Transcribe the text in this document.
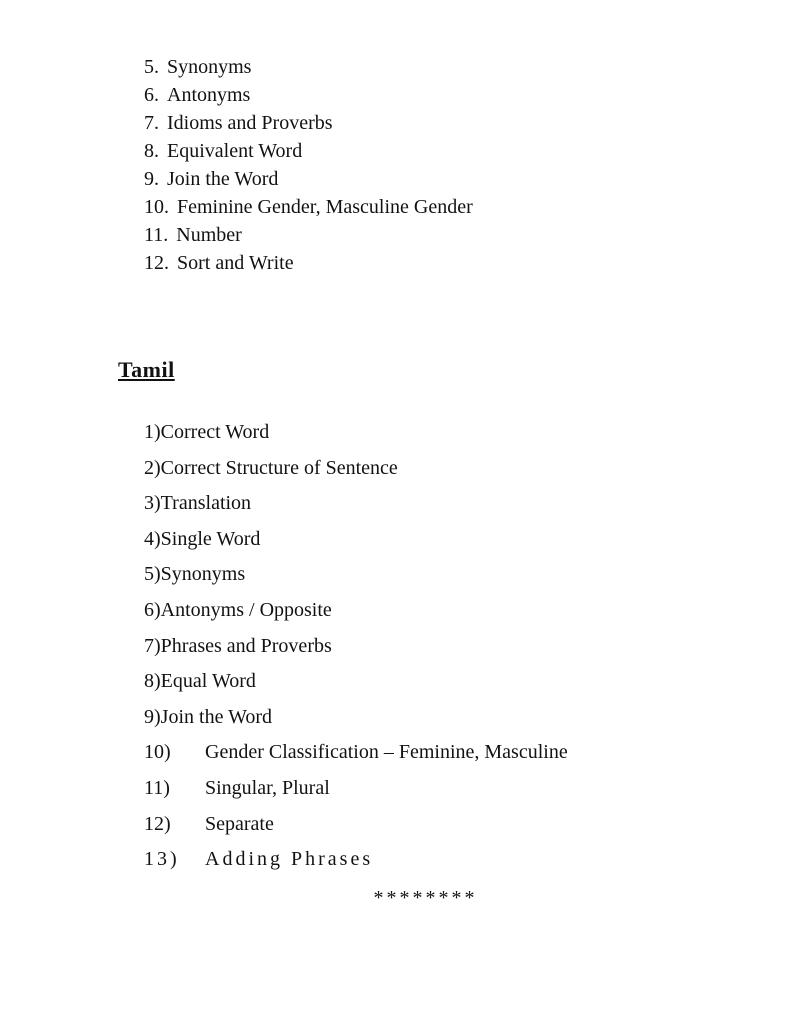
5. Synonyms
6. Antonyms
7. Idioms and Proverbs
8. Equivalent Word
9. Join the Word
10. Feminine Gender, Masculine Gender
11. Number
12. Sort and Write
Tamil
1)Correct Word
2)Correct Structure of Sentence
3)Translation
4)Single Word
5)Synonyms
6)Antonyms / Opposite
7)Phrases and Proverbs
8)Equal Word
9)Join the Word
10) Gender Classification – Feminine, Masculine
11) Singular, Plural
12) Separate
13) Adding Phrases
********
